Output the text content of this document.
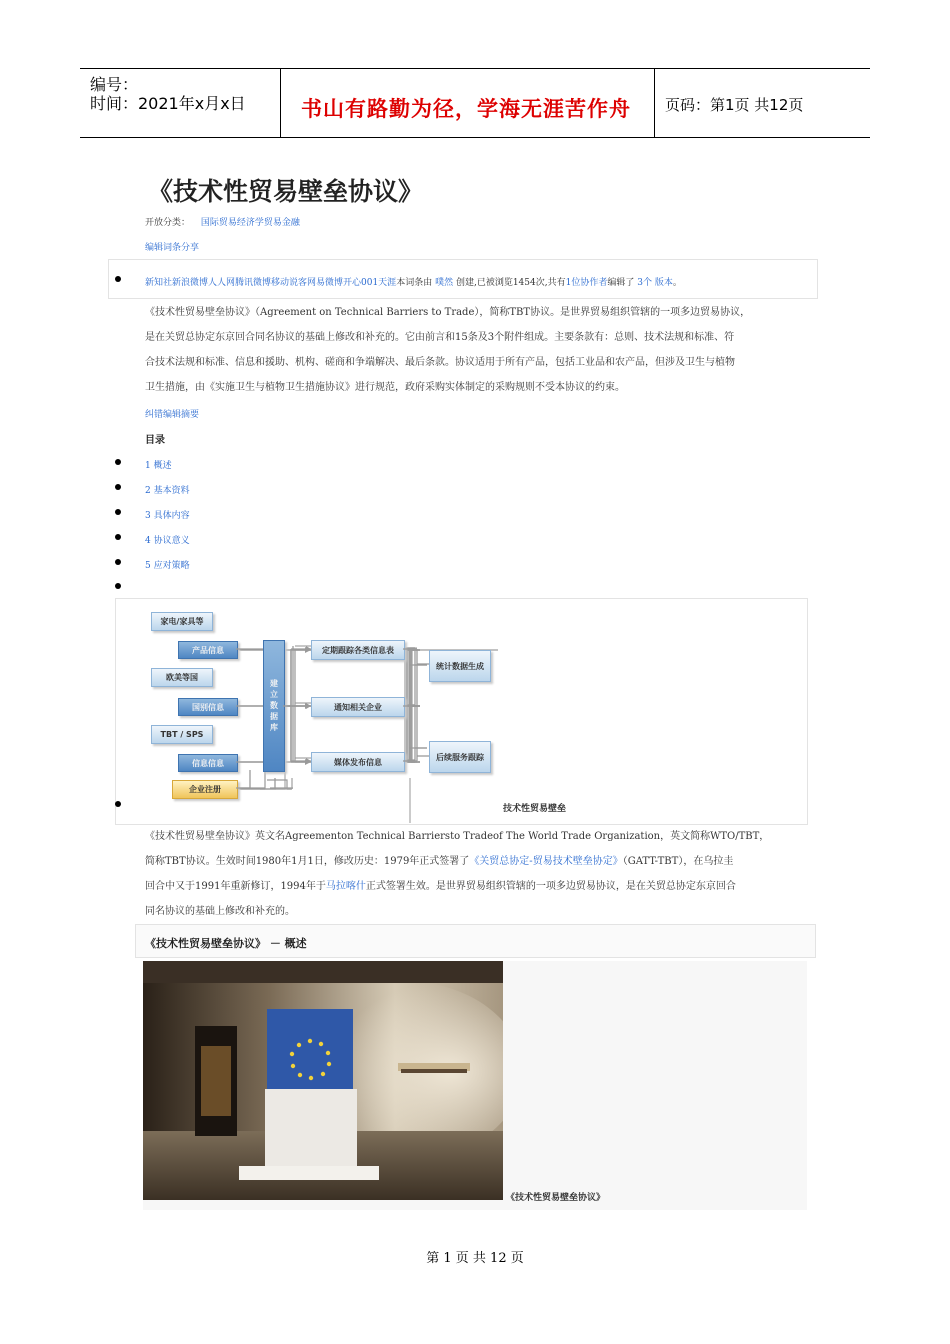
编号：
时间：2021年x月x日	书山有路勤为径，学海无涯苦作舟 页码：第1页 共12页
《技术性贸易壁垒协议》
开放分类： 国际贸易经济学贸易金融
编辑词条分享
新知社新浪微博人人网腾讯微博移动说客网易微博开心001天涯本词条由 噗然 创建,已被浏览1454次,共有1位协作者编辑了 3个 版本。
《技术性贸易壁垒协议》（Agreement on Technical Barriers to Trade），简称TBT协议。是世界贸易组织管辖的一项多边贸易协议，
是在关贸总协定东京回合同名协议的基础上修改和补充的。它由前言和15条及3个附件组成。主要条款有：总则、技术法规和标准、符
合技术法规和标准、信息和援助、机构、磋商和争端解决、最后条款。协议适用于所有产品，包括工业品和农产品，但涉及卫生与植物
卫生措施，由《实施卫生与植物卫生措施协议》进行规范，政府采购实体制定的采购规则不受本协议的约束。
纠错编辑摘要
目录
1 概述
2 基本资料
3 具体内容
4 协议意义
5 应对策略
家电/家具等
产品信息
欧美等国
国别信息
TBT / SPS
信息信息
企业注册
建立数据库
定期跟踪各类信息表
通知相关企业
媒体发布信息
统计数据生成
后续服务跟踪
技术性贸易壁垒
《技术性贸易壁垒协议》英文名Agreementon Technical Barriersto Tradeof The World Trade Organization，英文简称WTO/TBT，
简称TBT协议。生效时间1980年1月1日，修改历史：1979年正式签署了《关贸总协定-贸易技术壁垒协定》（GATT-TBT），在乌拉圭
回合中又于1991年重新修订，1994年于马拉喀什正式签署生效。是世界贸易组织管辖的一项多边贸易协议，是在关贸总协定东京回合
同名协议的基础上修改和补充的。
《技术性贸易壁垒协议》 － 概述
《技术性贸易壁垒协议》
第 1 页 共 12 页
